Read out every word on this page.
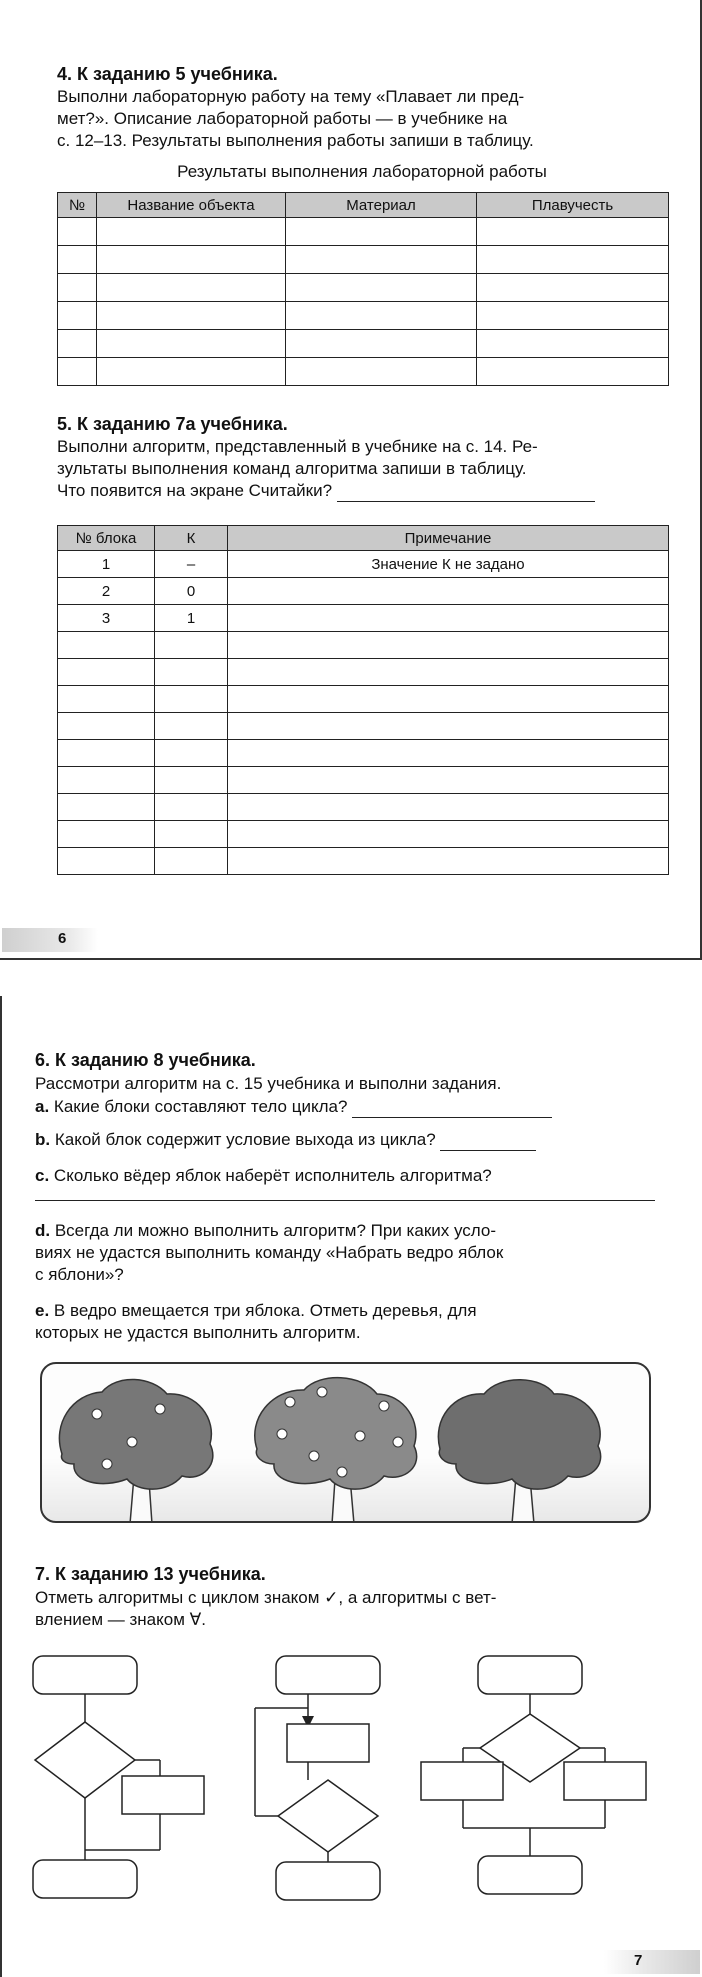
4. К заданию 5 учебника.
Выполни лабораторную работу на тему «Плавает ли пред-
мет?». Описание лабораторной работы — в учебнике на
с. 12–13. Результаты выполнения работы запиши в таблицу.
Результаты выполнения лабораторной работы
№	Название объекта	Материал	Плавучесть

5. К заданию 7а учебника.
Выполни алгоритм, представленный в учебнике на с. 14. Ре-
зультаты выполнения команд алгоритма запиши в таблицу.
Что появится на экране Считайки?
№ блока	К	Примечание
1	–	Значение К не задано
2	0	
3	1	

6
6. К заданию 8 учебника.
Рассмотри алгоритм на с. 15 учебника и выполни задания.
a. Какие блоки составляют тело цикла?
b. Какой блок содержит условие выхода из цикла?
c. Сколько вёдер яблок наберёт исполнитель алгоритма?
d. Всегда ли можно выполнить алгоритм? При каких усло-
виях не удастся выполнить команду «Набрать ведро яблок
с яблони»?
e. В ведро вмещается три яблока. Отметь деревья, для
которых не удастся выполнить алгоритм.
7. К заданию 13 учебника.
Отметь алгоритмы с циклом знаком ✓, а алгоритмы с вет-
влением — знаком ∀.
7
